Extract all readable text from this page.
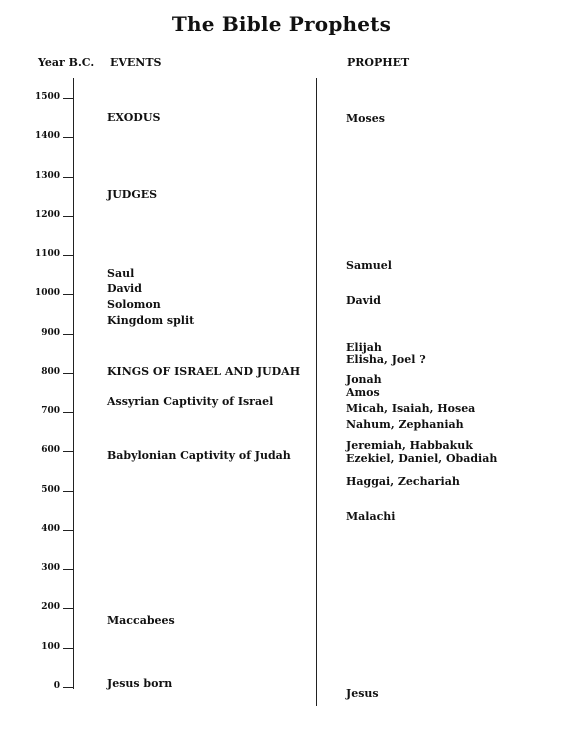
The Bible Prophets
Year B.C. EVENTS	PROPHET
1500
1400
1300
1200
1100
1000
900
800
700
600
500
400
300
200
100
0
EXODUS
JUDGES
Saul
David
Solomon
Kingdom split
KINGS OF ISRAEL AND JUDAH
Assyrian Captivity of Israel
Babylonian Captivity of Judah
Maccabees
Jesus born
Moses
Samuel
David
Elijah
Elisha, Joel ?
Jonah
Amos
Micah, Isaiah, Hosea
Nahum, Zephaniah
Jeremiah, Habbakuk
Ezekiel, Daniel, Obadiah
Haggai, Zechariah
Malachi
Jesus
